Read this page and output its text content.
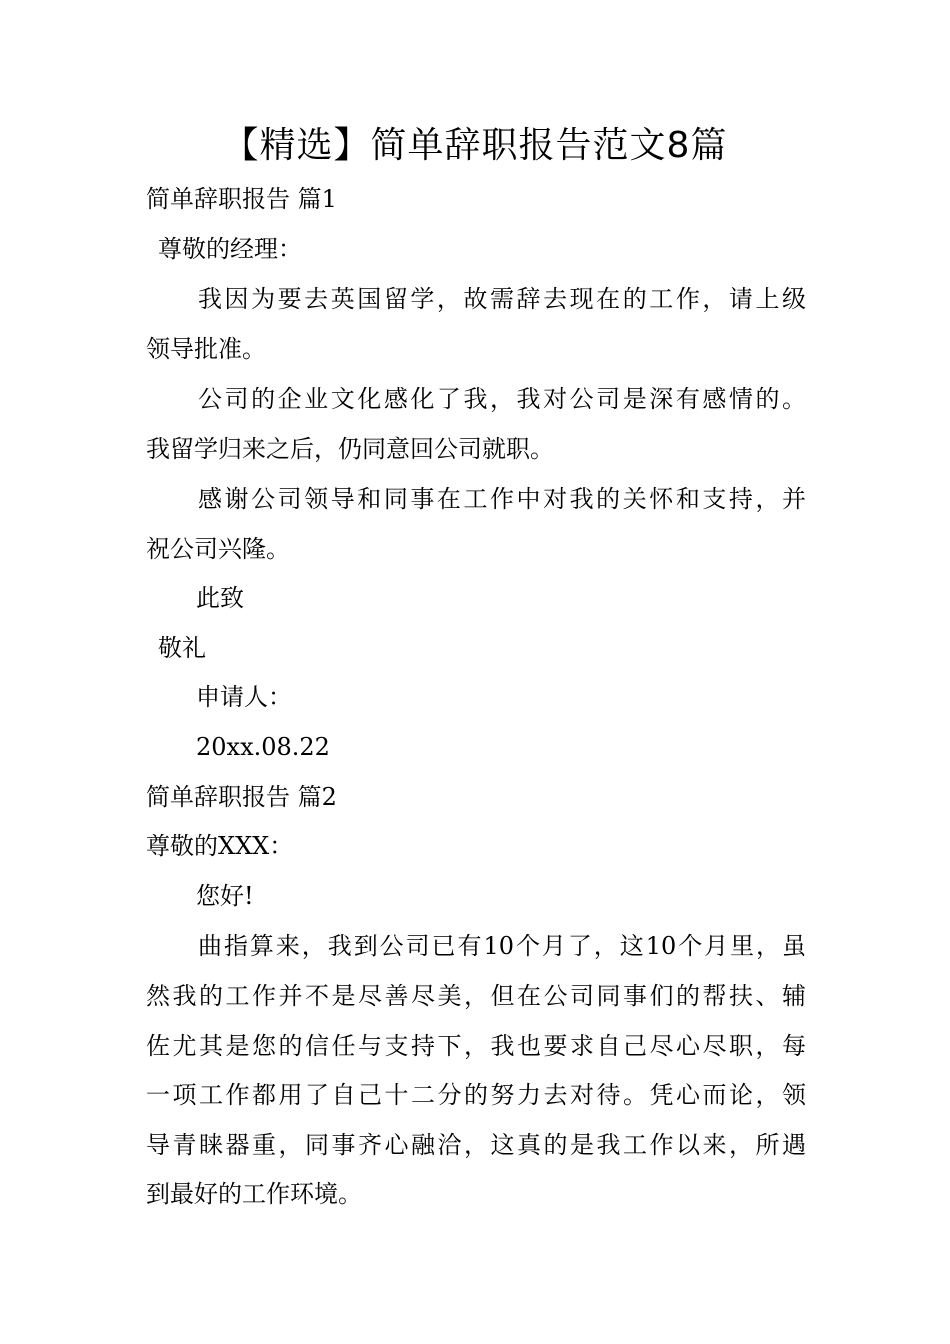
【精选】简单辞职报告范文8篇
简单辞职报告 篇1
尊敬的经理：
我因为要去英国留学，故需辞去现在的工作，请上级
领导批准。
公司的企业文化感化了我，我对公司是深有感情的。
我留学归来之后，仍同意回公司就职。
感谢公司领导和同事在工作中对我的关怀和支持，并
祝公司兴隆。
此致
敬礼
申请人：
20xx.08.22
简单辞职报告 篇2
尊敬的XXX：
您好!
曲指算来，我到公司已有10个月了，这10个月里，虽
然我的工作并不是尽善尽美，但在公司同事们的帮扶、辅
佐尤其是您的信任与支持下，我也要求自己尽心尽职，每
一项工作都用了自己十二分的努力去对待。凭心而论，领
导青睐器重，同事齐心融洽，这真的是我工作以来，所遇
到最好的工作环境。
